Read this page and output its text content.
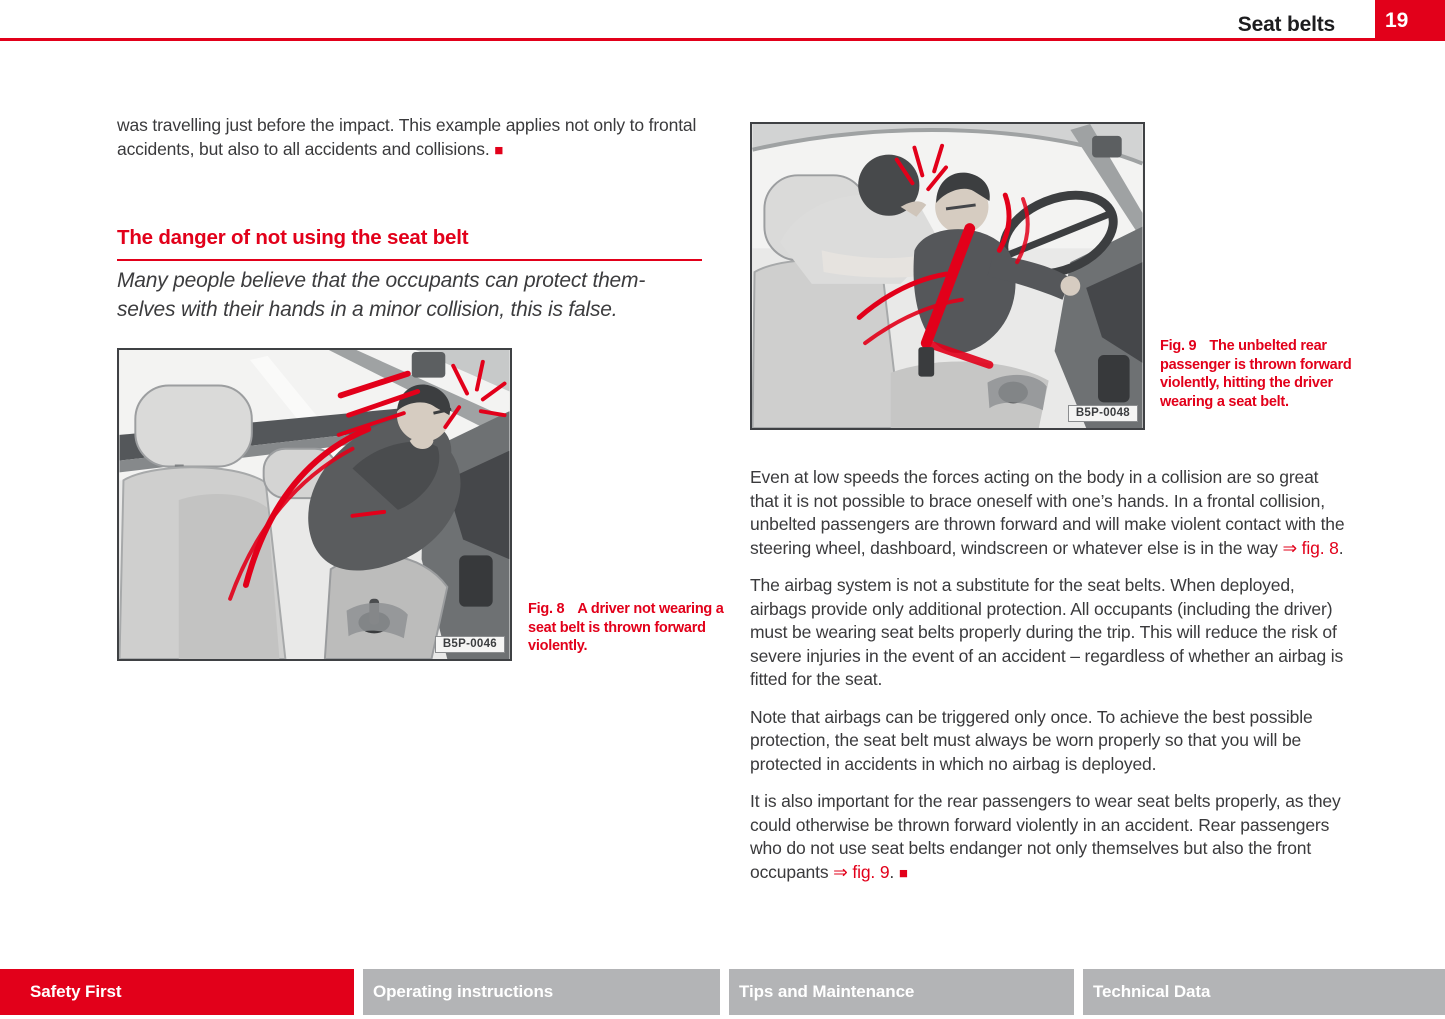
Seat belts 19
was travelling just before the impact. This example applies not only to frontal accidents, but also to all accidents and collisions. ■
The danger of not using the seat belt
Many people believe that the occupants can protect them-
selves with their hands in a minor collision, this is false.
B5P-0046
Fig. 8 A driver not wearing a seat belt is thrown forward violently.
B5P-0048
Fig. 9 The unbelted rear passenger is thrown forward violently, hitting the driver wearing a seat belt.

Even at low speeds the forces acting on the body in a collision are so great that it is not possible to brace oneself with one’s hands. In a frontal collision, unbelted passengers are thrown forward and will make violent contact with the steering wheel, dashboard, windscreen or whatever else is in the way ⇒ fig. 8.

The airbag system is not a substitute for the seat belts. When deployed, airbags provide only additional protection. All occupants (including the driver) must be wearing seat belts properly during the trip. This will reduce the risk of severe injuries in the event of an accident – regardless of whether an airbag is fitted for the seat.

Note that airbags can be triggered only once. To achieve the best possible protection, the seat belt must always be worn properly so that you will be protected in accidents in which no airbag is deployed.

It is also important for the rear passengers to wear seat belts properly, as they could otherwise be thrown forward violently in an accident. Rear passengers who do not use seat belts endanger not only themselves but also the front occupants ⇒ fig. 9. ■

Safety First	Operating instructions	Tips and Maintenance	Technical Data
